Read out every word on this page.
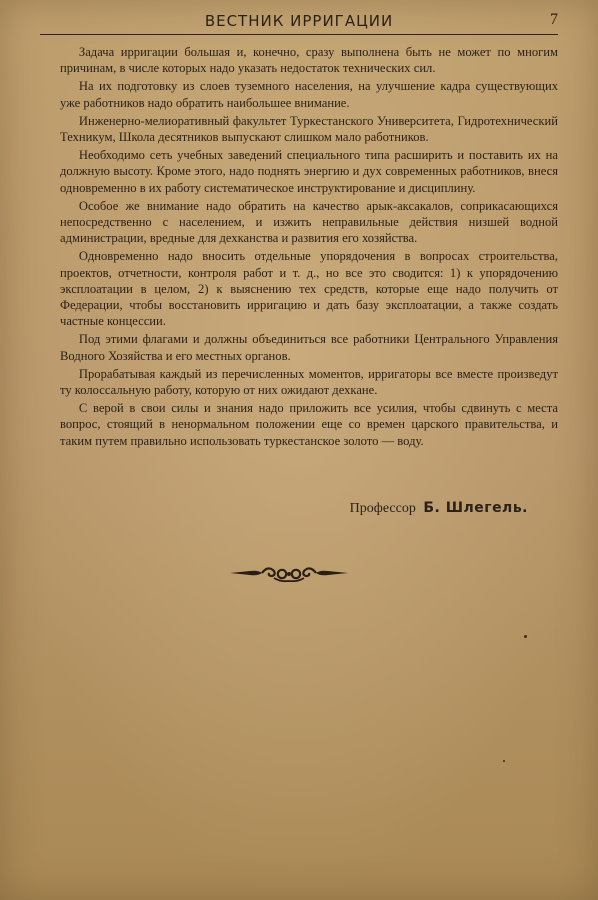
ВЕСТНИК ИРРИГАЦИИ	7

Задача ирригации большая и, конечно, сразу выполнена быть не может по многим причинам, в числе которых надо указать недостаток технических сил.

На их подготовку из слоев туземного населения, на улучшение кадра существующих уже работников надо обратить наибольшее внимание.

Инженерно-мелиоративный факультет Туркестанского Университета, Гидротехнический Техникум, Школа десятников выпускают слишком мало работников.

Необходимо сеть учебных заведений специального типа расширить и поставить их на должную высоту. Кроме этого, надо поднять энергию и дух современных работников, внеся одновременно в их работу систематическое инструктирование и дисциплину.

Особое же внимание надо обратить на качество арык-аксакалов, соприкасающихся непосредственно с населением, и изжить неправильные действия низшей водной администрации, вредные для дехканства и развития его хозяйства.

Одновременно надо вносить отдельные упорядочения в вопросах строительства, проектов, отчетности, контроля работ и т. д., но все это сводится: 1) к упорядочению эксплоатации в целом, 2) к выяснению тех средств, которые еще надо получить от Федерации, чтобы восстановить ирригацию и дать базу эксплоатации, а также создать частные концессии.

Под этими флагами и должны объединиться все работники Центрального Управления Водного Хозяйства и его местных органов.

Прорабатывая каждый из перечисленных моментов, ирригаторы все вместе произведут ту колоссальную работу, которую от них ожидают дехкане.

С верой в свои силы и знания надо приложить все усилия, чтобы сдвинуть с места вопрос, стоящий в ненормальном положении еще со времен царского правительства, и таким путем правильно использовать туркестанское золото — воду.

Профессор Б. Шлегель.
